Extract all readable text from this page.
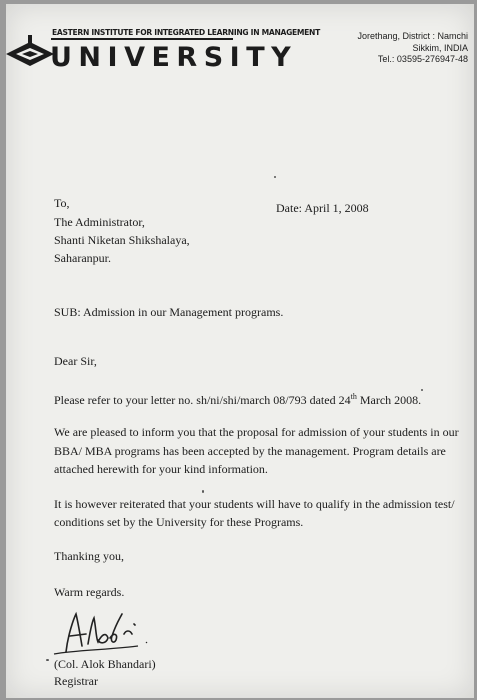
EASTERN INSTITUTE FOR INTEGRATED LEARNING IN MANAGEMENT
UNIVERSITY
Jorethang, District : Namchi
Sikkim, INDIA
Tel.: 03595-276947-48
To,
The Administrator,
Shanti Niketan Shikshalaya,
Saharanpur.
Date: April 1, 2008
SUB: Admission in our Management programs.
Dear Sir,
Please refer to your letter no. sh/ni/shi/march 08/793 dated 24th March 2008.
We are pleased to inform you that the proposal for admission of your students in our
BBA/ MBA programs has been accepted by the management. Program details are
attached herewith for your kind information.
It is however reiterated that your students will have to qualify in the admission test/
conditions set by the University for these Programs.
Thanking you,
Warm regards.
(Col. Alok Bhandari)
Registrar
